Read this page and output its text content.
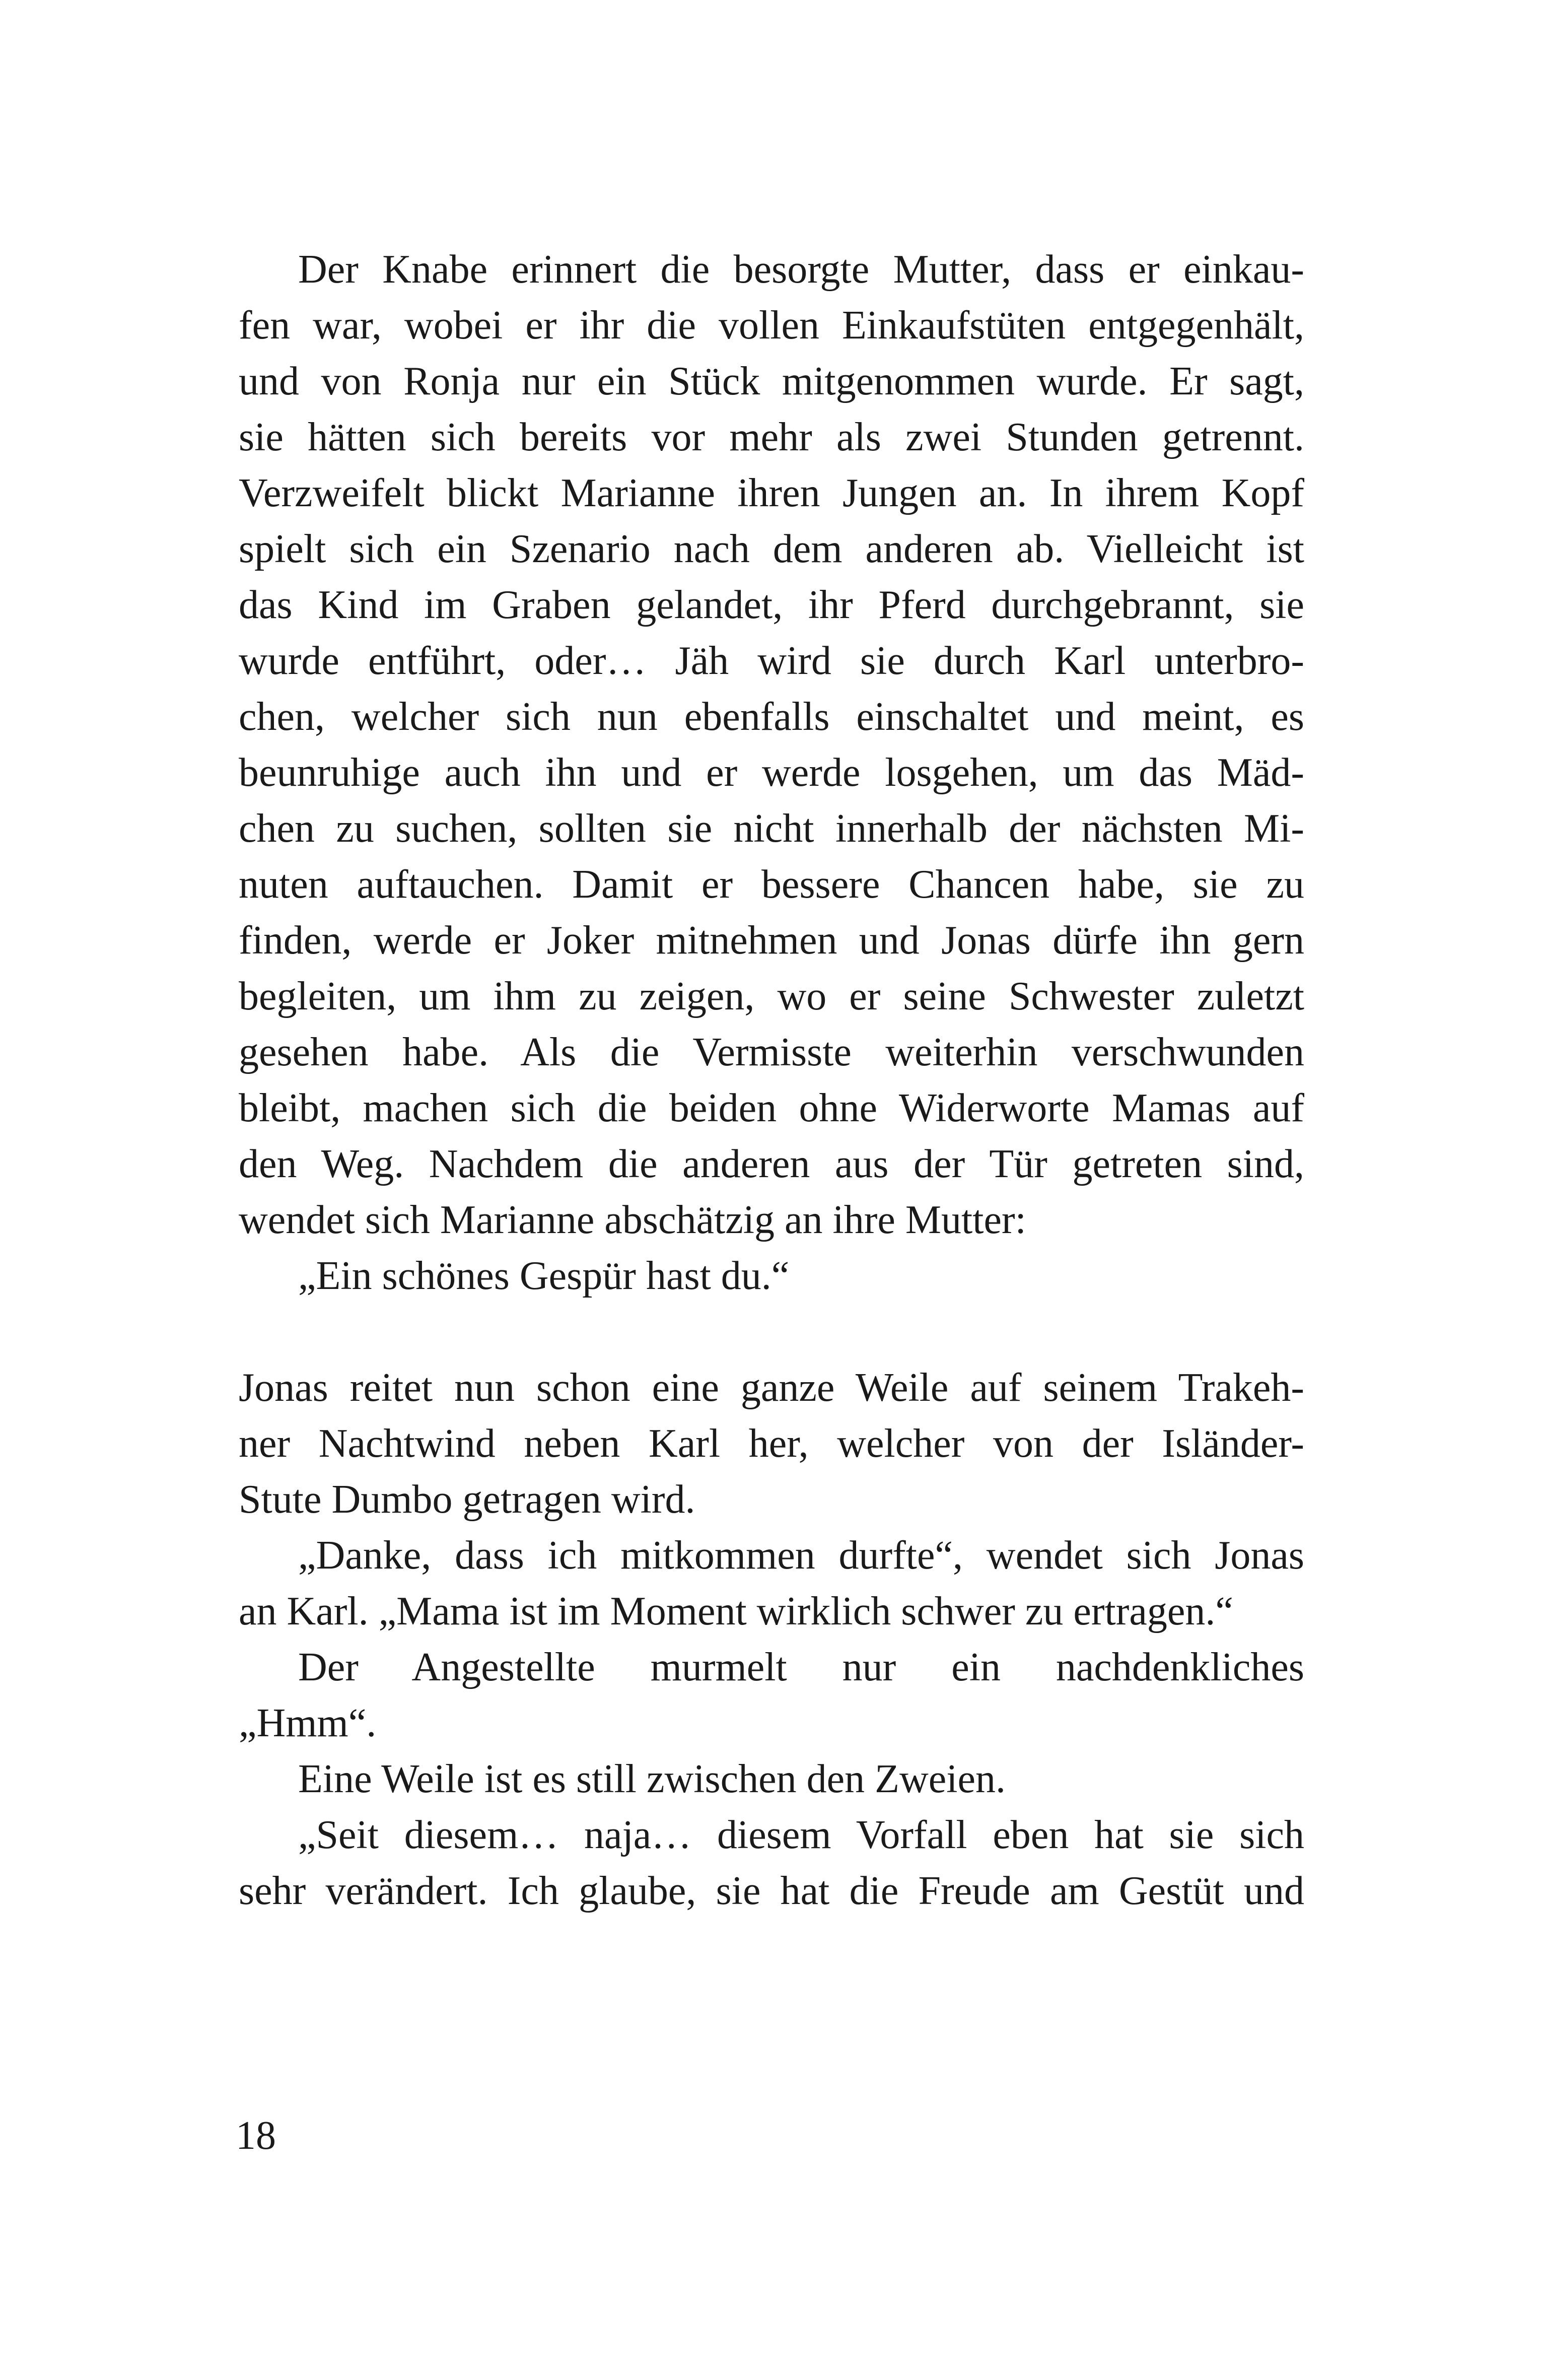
Der Knabe erinnert die besorgte Mutter, dass er einkau-
fen war, wobei er ihr die vollen Einkaufstüten entgegenhält,
und von Ronja nur ein Stück mitgenommen wurde. Er sagt,
sie hätten sich bereits vor mehr als zwei Stunden getrennt.
Verzweifelt blickt Marianne ihren Jungen an. In ihrem Kopf
spielt sich ein Szenario nach dem anderen ab. Vielleicht ist
das Kind im Graben gelandet, ihr Pferd durchgebrannt, sie
wurde entführt, oder… Jäh wird sie durch Karl unterbro-
chen, welcher sich nun ebenfalls einschaltet und meint, es
beunruhige auch ihn und er werde losgehen, um das Mäd-
chen zu suchen, sollten sie nicht innerhalb der nächsten Mi-
nuten auftauchen. Damit er bessere Chancen habe, sie zu
finden, werde er Joker mitnehmen und Jonas dürfe ihn gern
begleiten, um ihm zu zeigen, wo er seine Schwester zuletzt
gesehen habe. Als die Vermisste weiterhin verschwunden
bleibt, machen sich die beiden ohne Widerworte Mamas auf
den Weg. Nachdem die anderen aus der Tür getreten sind,
wendet sich Marianne abschätzig an ihre Mutter:
„Ein schönes Gespür hast du.“
Jonas reitet nun schon eine ganze Weile auf seinem Trakeh-
ner Nachtwind neben Karl her, welcher von der Isländer-
Stute Dumbo getragen wird.
„Danke, dass ich mitkommen durfte“, wendet sich Jonas
an Karl. „Mama ist im Moment wirklich schwer zu ertragen.“
Der Angestellte murmelt nur ein nachdenkliches
„Hmm“.
Eine Weile ist es still zwischen den Zweien.
„Seit diesem… naja… diesem Vorfall eben hat sie sich
sehr verändert. Ich glaube, sie hat die Freude am Gestüt und
18
